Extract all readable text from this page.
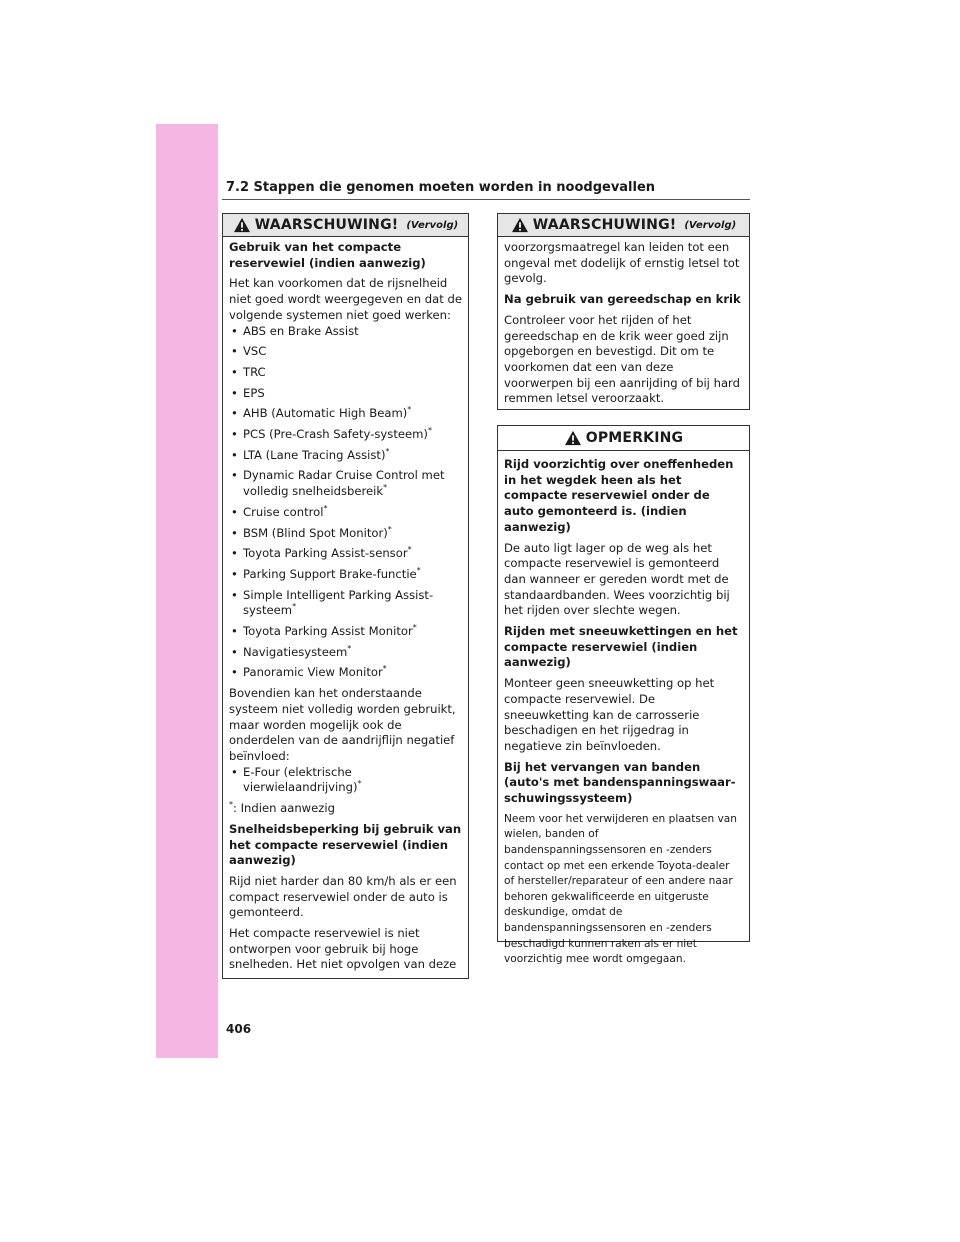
7.2 Stappen die genomen moeten worden in noodgevallen
WAARSCHUWING! (Vervolg)
Gebruik van het compacte reservewiel (indien aanwezig)
Het kan voorkomen dat de rijsnelheid niet goed wordt weergegeven en dat de volgende systemen niet goed werken:
• ABS en Brake Assist
• VSC
• TRC
• EPS
• AHB (Automatic High Beam)*
• PCS (Pre-Crash Safety-systeem)*
• LTA (Lane Tracing Assist)*
• Dynamic Radar Cruise Control met volledig snelheidsbereik*
• Cruise control*
• BSM (Blind Spot Monitor)*
• Toyota Parking Assist-sensor*
• Parking Support Brake-functie*
• Simple Intelligent Parking Assist-systeem*
• Toyota Parking Assist Monitor*
• Navigatiesysteem*
• Panoramic View Monitor*
Bovendien kan het onderstaande systeem niet volledig worden gebruikt, maar worden mogelijk ook de onderdelen van de aandrijflijn negatief beïnvloed:
• E-Four (elektrische vierwielaandrijving)*
*: Indien aanwezig
Snelheidsbeperking bij gebruik van het compacte reservewiel (indien aanwezig)
Rijd niet harder dan 80 km/h als er een compact reservewiel onder de auto is gemonteerd.
Het compacte reservewiel is niet ontworpen voor gebruik bij hoge snelheden. Het niet opvolgen van deze
WAARSCHUWING! (Vervolg)
voorzorgsmaatregel kan leiden tot een ongeval met dodelijk of ernstig letsel tot gevolg.
Na gebruik van gereedschap en krik
Controleer voor het rijden of het gereedschap en de krik weer goed zijn opgeborgen en bevestigd. Dit om te voorkomen dat een van deze voorwerpen bij een aanrijding of bij hard remmen letsel veroorzaakt.
OPMERKING
Rijd voorzichtig over oneffenheden in het wegdek heen als het compacte reservewiel onder de auto gemonteerd is. (indien aanwezig)
De auto ligt lager op de weg als het compacte reservewiel is gemonteerd dan wanneer er gereden wordt met de standaardbanden. Wees voorzichtig bij het rijden over slechte wegen.
Rijden met sneeuwkettingen en het compacte reservewiel (indien aanwezig)
Monteer geen sneeuwketting op het compacte reservewiel. De sneeuwketting kan de carrosserie beschadigen en het rijgedrag in negatieve zin beïnvloeden.
Bij het vervangen van banden (auto's met bandenspanningswaar-schuwingssysteem)
Neem voor het verwijderen en plaatsen van wielen, banden of bandenspanningssensoren en -zenders contact op met een erkende Toyota-dealer of hersteller/reparateur of een andere naar behoren gekwalificeerde en uitgeruste deskundige, omdat de bandenspanningssensoren en -zenders beschadigd kunnen raken als er niet voorzichtig mee wordt omgegaan.
406
